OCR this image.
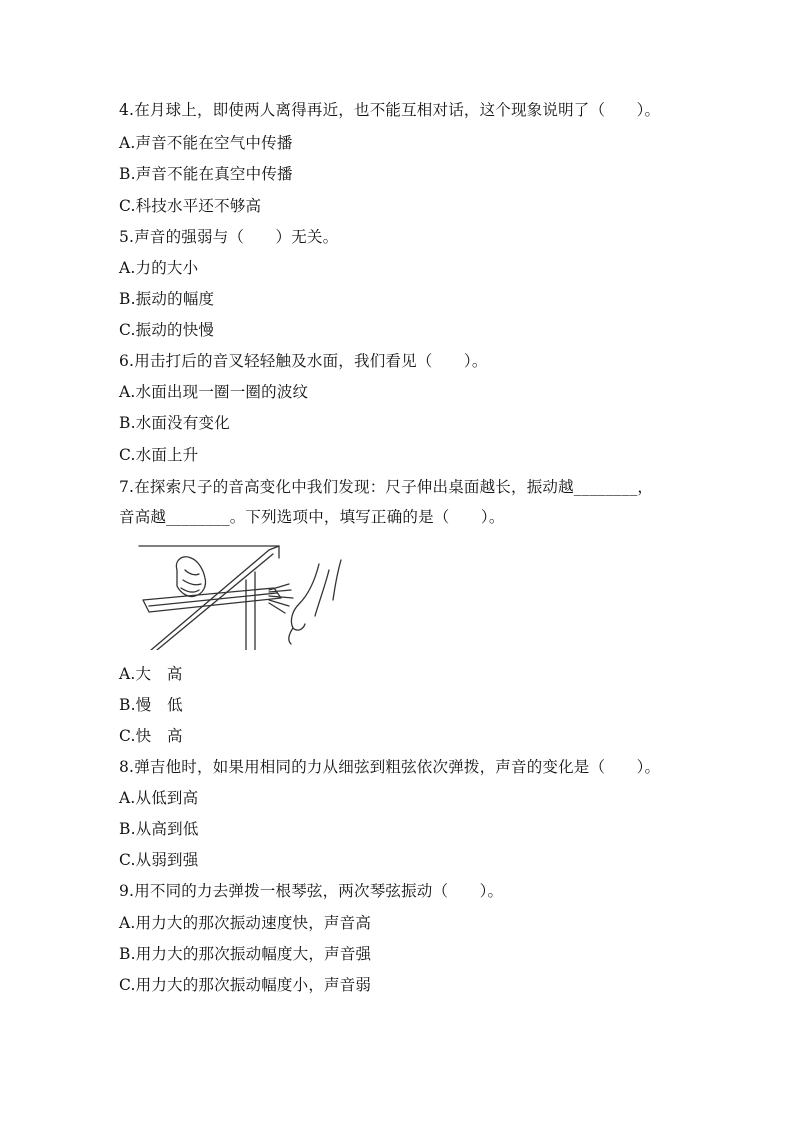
4.在月球上，即使两人离得再近，也不能互相对话，这个现象说明了（　　）。
A.声音不能在空气中传播
B.声音不能在真空中传播
C.科技水平还不够高
5.声音的强弱与（　　）无关。
A.力的大小
B.振动的幅度
C.振动的快慢
6.用击打后的音叉轻轻触及水面，我们看见（　　）。
A.水面出现一圈一圈的波纹
B.水面没有变化
C.水面上升
7.在探索尺子的音高变化中我们发现：尺子伸出桌面越长，振动越________，
音高越________。下列选项中，填写正确的是（　　）。
A.大　高
B.慢　低
C.快　高
8.弹吉他时，如果用相同的力从细弦到粗弦依次弹拨，声音的变化是（　　）。
A.从低到高
B.从高到低
C.从弱到强
9.用不同的力去弹拨一根琴弦，两次琴弦振动（　　）。
A.用力大的那次振动速度快，声音高
B.用力大的那次振动幅度大，声音强
C.用力大的那次振动幅度小，声音弱
